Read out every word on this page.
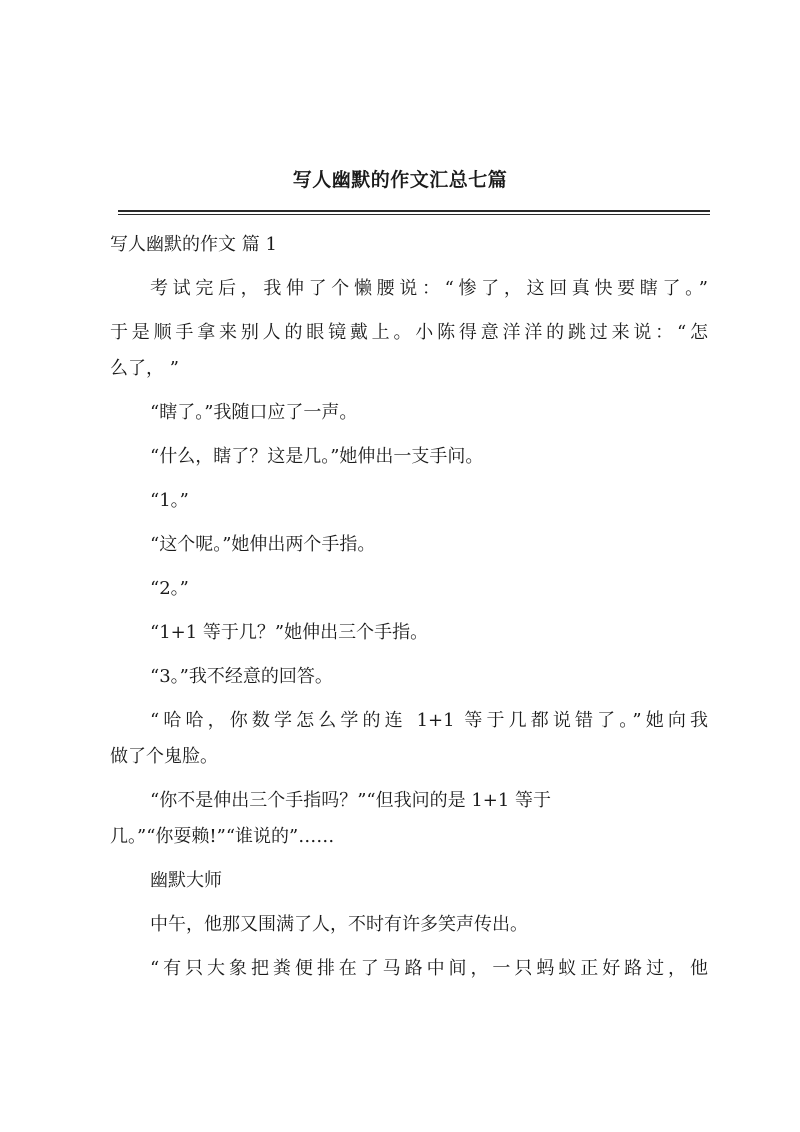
写人幽默的作文汇总七篇
写人幽默的作文 篇 1
考试完后，我伸了个懒腰说：“惨了，这回真快要瞎了。”
于是顺手拿来别人的眼镜戴上。小陈得意洋洋的跳过来说：“怎
么了， ”
“瞎了。”我随口应了一声。
“什么，瞎了？这是几。”她伸出一支手问。
“1。”
“这个呢。”她伸出两个手指。
“2。”
“1+1 等于几？”她伸出三个手指。
“3。”我不经意的回答。
“哈哈，你数学怎么学的连 1+1 等于几都说错了。”她向我
做了个鬼脸。
“你不是伸出三个手指吗？”“但我问的是 1+1 等于
几。”“你耍赖!”“谁说的”……
幽默大师
中午，他那又围满了人，不时有许多笑声传出。
“有只大象把粪便排在了马路中间，一只蚂蚁正好路过，他
